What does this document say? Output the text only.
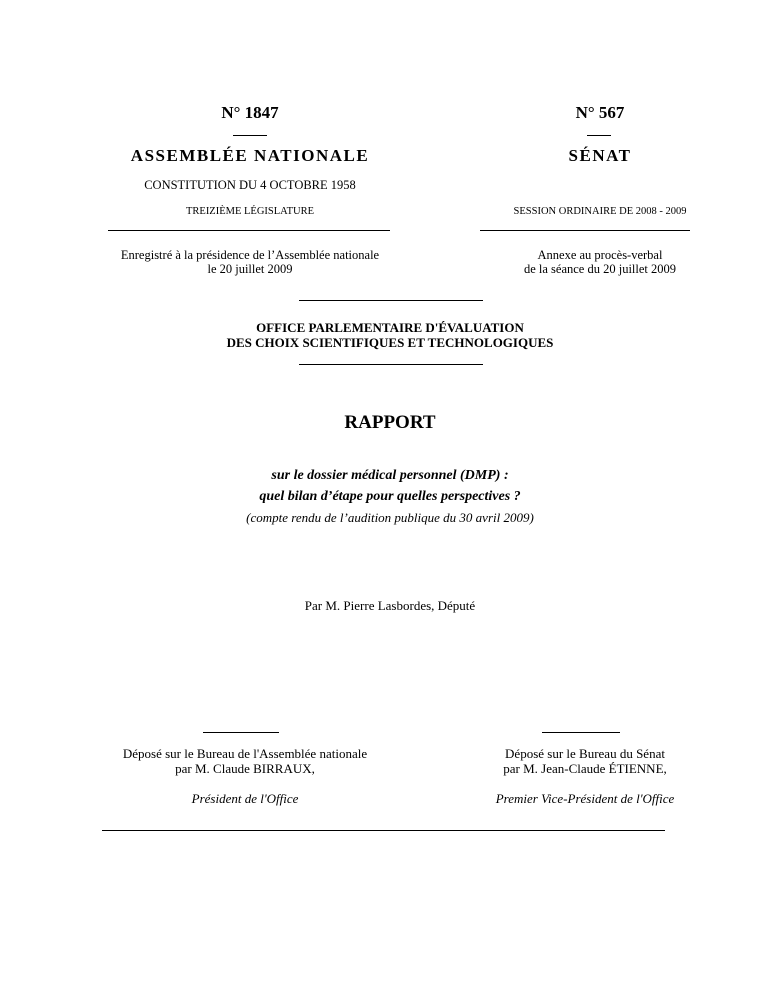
N° 1847
ASSEMBLÉE NATIONALE
CONSTITUTION DU 4 OCTOBRE 1958
TREIZIÈME LÉGISLATURE
Enregistré à la présidence de l’Assemblée nationale
le 20 juillet 2009
N° 567
SÉNAT
SESSION ORDINAIRE DE 2008 - 2009
Annexe au procès-verbal
de la séance du 20 juillet 2009
OFFICE PARLEMENTAIRE D'ÉVALUATION
DES CHOIX SCIENTIFIQUES ET TECHNOLOGIQUES
RAPPORT
sur le dossier médical personnel (DMP) :
quel bilan d’étape pour quelles perspectives ?
(compte rendu de l’audition publique du 30 avril 2009)
Par M. Pierre Lasbordes, Député
Déposé sur le Bureau de l'Assemblée nationale
par M. Claude BIRRAUX,
Président de l'Office
Déposé sur le Bureau du Sénat
par M. Jean-Claude ÉTIENNE,
Premier Vice-Président de l'Office
